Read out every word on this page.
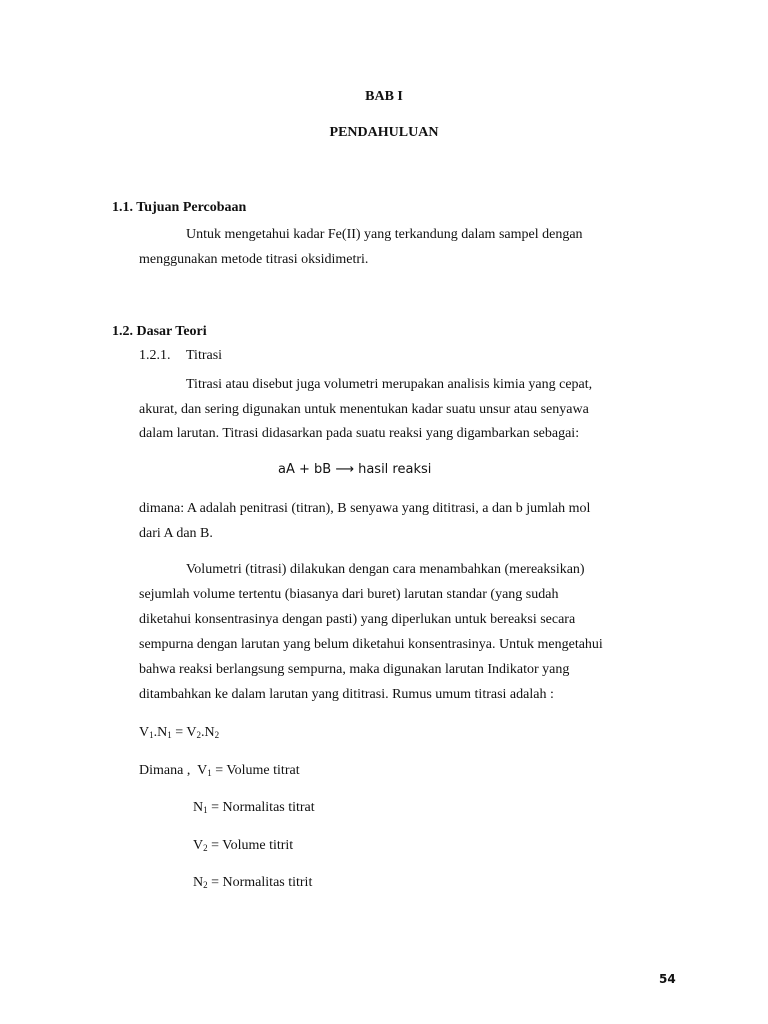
BAB I
PENDAHULUAN
1.1. Tujuan Percobaan
Untuk mengetahui kadar Fe(II) yang terkandung dalam sampel dengan
menggunakan metode titrasi oksidimetri.
1.2. Dasar Teori
1.2.1. Titrasi
Titrasi atau disebut juga volumetri merupakan analisis kimia yang cepat,
akurat, dan sering digunakan untuk menentukan kadar suatu unsur atau senyawa
dalam larutan. Titrasi didasarkan pada suatu reaksi yang digambarkan sebagai:
aA + bB ⟶ hasil reaksi
dimana: A adalah penitrasi (titran), B senyawa yang dititrasi, a dan b jumlah mol
dari A dan B.
Volumetri (titrasi) dilakukan dengan cara menambahkan (mereaksikan)
sejumlah volume tertentu (biasanya dari buret) larutan standar (yang sudah
diketahui konsentrasinya dengan pasti) yang diperlukan untuk bereaksi secara
sempurna dengan larutan yang belum diketahui konsentrasinya. Untuk mengetahui
bahwa reaksi berlangsung sempurna, maka digunakan larutan Indikator yang
ditambahkan ke dalam larutan yang dititrasi. Rumus umum titrasi adalah :
$V_1.N_1 = V_2.N_2$
Dimana , $V_1$ = Volume titrat
$N_1$ = Normalitas titrat
$V_2$ = Volume titrit
$N_2$ = Normalitas titrit
54
